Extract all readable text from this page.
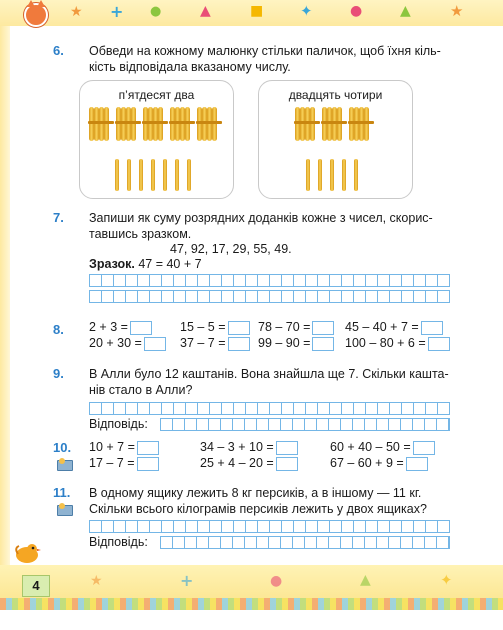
★ + ●	▲	■ ✦	●	▲	★
6. Обведи на кожному малюнку стільки паличок, щоб їхня кіль-
кість відповідала вказаному числу.
п’ятдесят два	двадцять чотири
7. Запиши як суму розрядних доданків кожне з чисел, скорис-
тавшись зразком.
47, 92, 17, 29, 55, 49.
Зразок. 47 = 40 + 7
8. 2 + 3 =	15 – 5 =	78 – 70 =	45 – 40 + 7 =
20 + 30 =	37 – 7 =	99 – 90 =	100 – 80 + 6 =
9. В Алли було 12 каштанів. Вона знайшла ще 7. Скільки кашта-
нів стало в Алли?
Відповідь:
10. 10 + 7 =	34 – 3 + 10 =	60 + 40 – 50 =
17 – 7 =	25 + 4 – 20 =	67 – 60 + 9 =
11. В одному ящику лежить 8 кг персиків, а в іншому — 11 кг.
Скільки всього кілограмів персиків лежить у двох ящиках?
Відповідь:
★	+	●	▲	✦
4
